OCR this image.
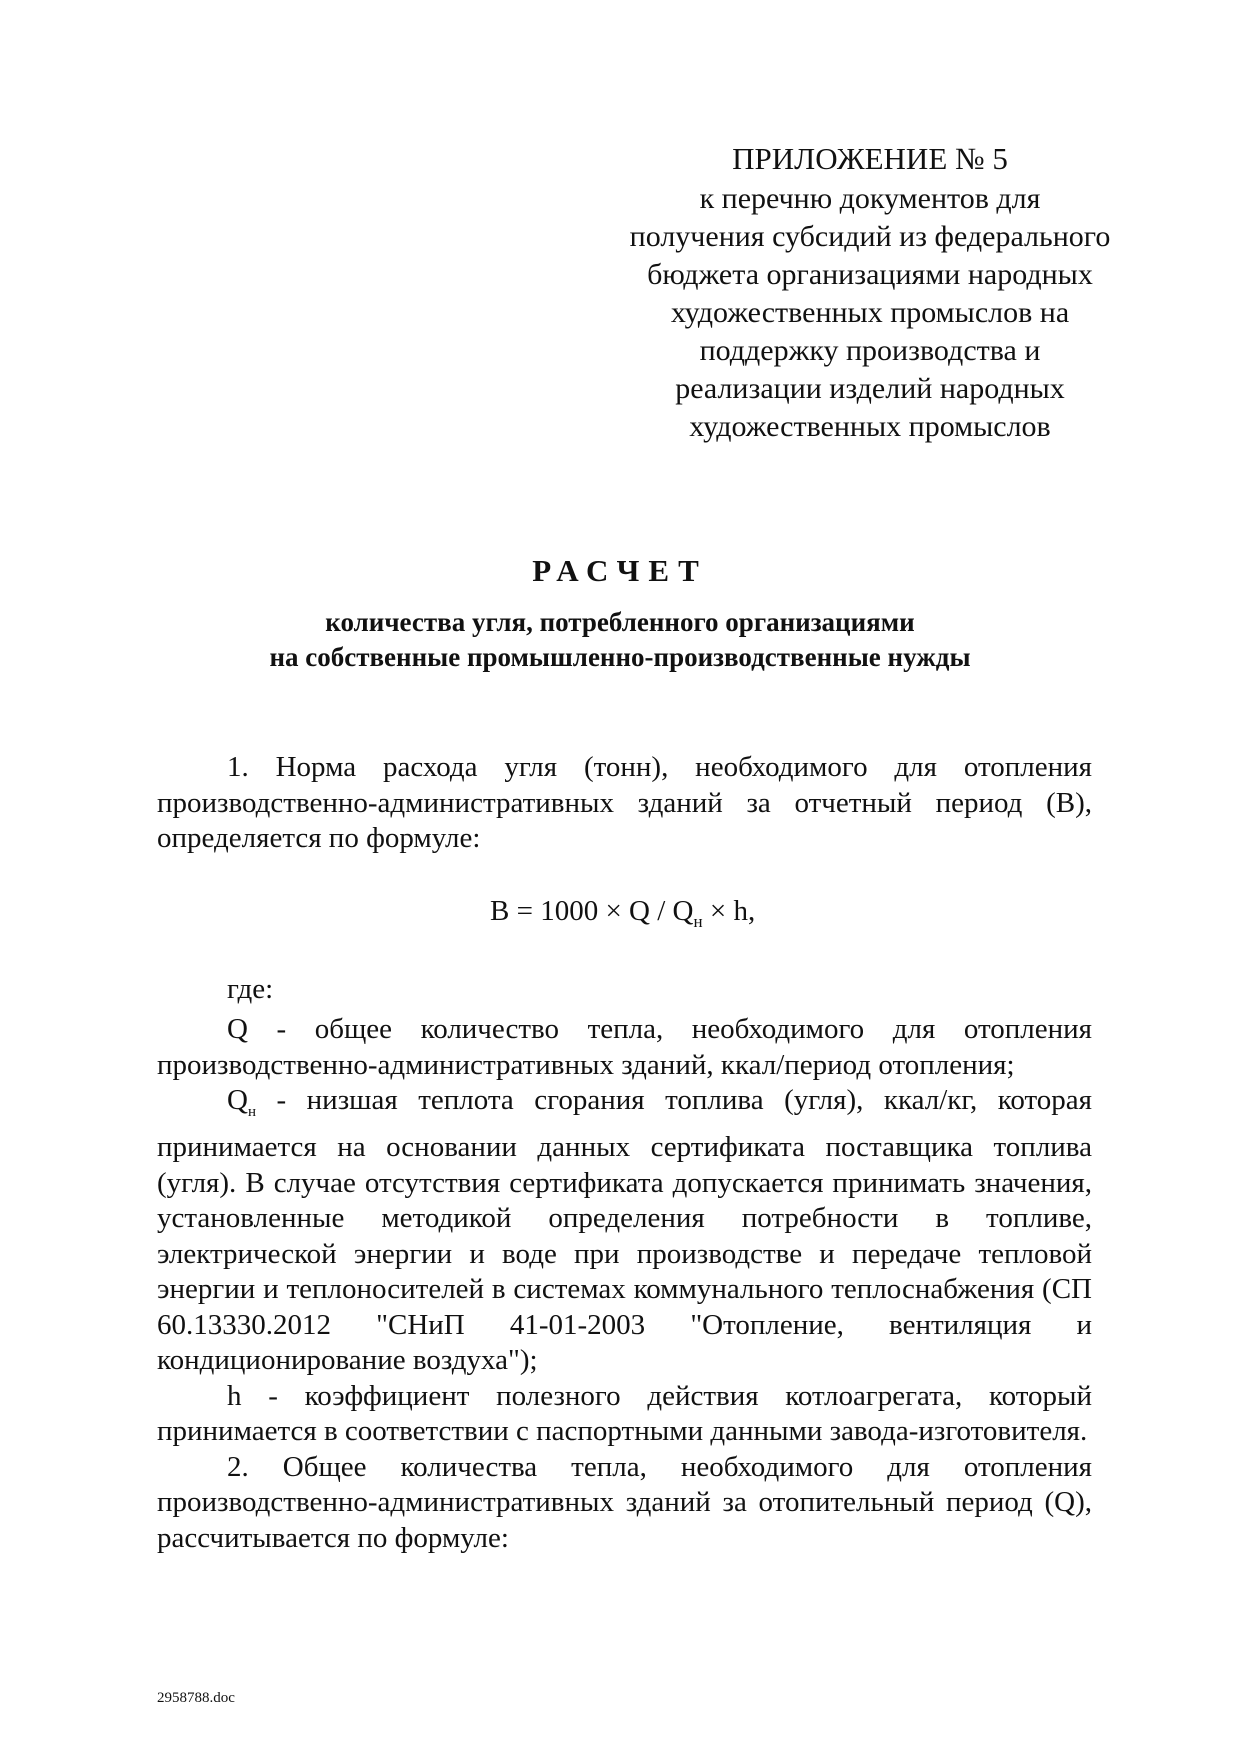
ПРИЛОЖЕНИЕ № 5
к перечню документов для
получения субсидий из федерального
бюджета организациями народных
художественных промыслов на
поддержку производства и
реализации изделий народных
художественных промыслов
РАСЧЕТ
количества угля, потребленного организациями
на собственные промышленно-производственные нужды

1. Норма расхода угля (тонн), необходимого для отопления производственно-административных зданий за отчетный период (B), определяется по формуле:

$B = 1000 \times Q / Q_н \times h$,
где:

Q - общее количество тепла, необходимого для отопления производственно-административных зданий, ккал/период отопления;

$Q_н$ - низшая теплота сгорания топлива (угля), ккал/кг, которая принимается на основании данных сертификата поставщика топлива (угля). В случае отсутствия сертификата допускается принимать значения, установленные методикой определения потребности в топливе, электрической энергии и воде при производстве и передаче тепловой энергии и теплоносителей в системах коммунального теплоснабжения (СП 60.13330.2012 "СНиП 41-01-2003 "Отопление, вентиляция и кондиционирование воздуха");

h - коэффициент полезного действия котлоагрегата, который принимается в соответствии с паспортными данными завода-изготовителя.

2. Общее количества тепла, необходимого для отопления производственно-административных зданий за отопительный период (Q), рассчитывается по формуле:

2958788.doc
